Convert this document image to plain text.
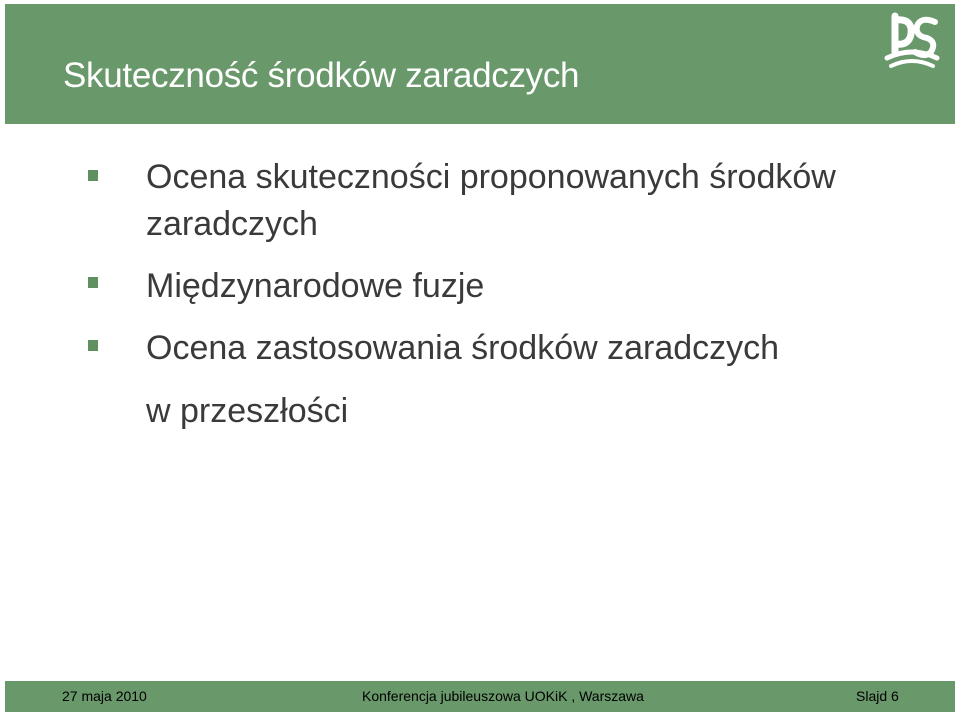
Skuteczność środków zaradczych
Ocena skuteczności proponowanych środków
zaradczych
Międzynarodowe fuzje
Ocena zastosowania środków zaradczych
w przeszłości
27 maja 2010	Konferencja jubileuszowa UOKiK , Warszawa	Slajd 6
